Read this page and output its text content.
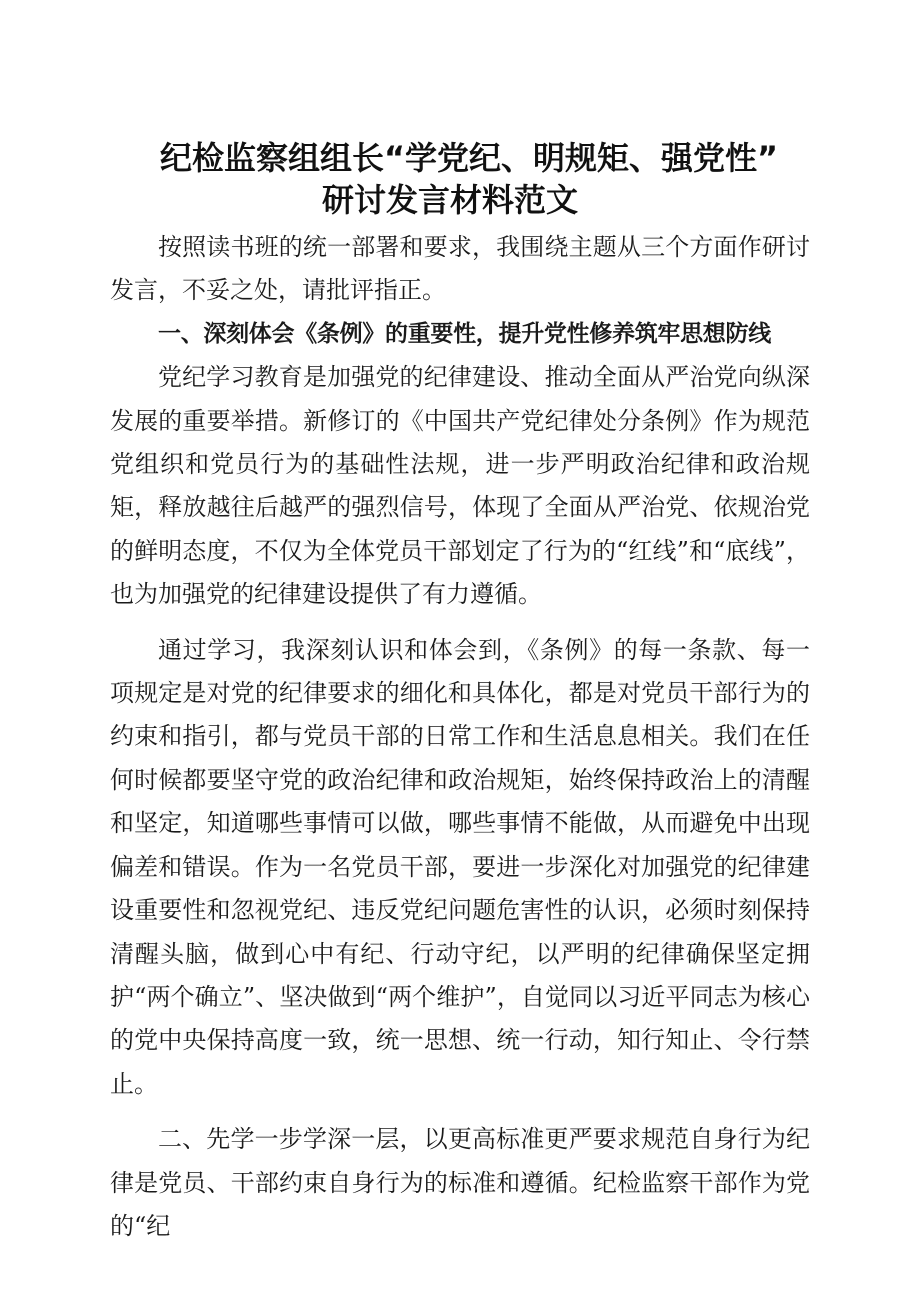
纪检监察组组长“学党纪、明规矩、强党性”
研讨发言材料范文

按照读书班的统一部署和要求，我围绕主题从三个方面作研讨发言，不妥之处，请批评指正。

一、深刻体会《条例》的重要性，提升党性修养筑牢思想防线

党纪学习教育是加强党的纪律建设、推动全面从严治党向纵深发展的重要举措。新修订的《中国共产党纪律处分条例》作为规范党组织和党员行为的基础性法规，进一步严明政治纪律和政治规矩，释放越往后越严的强烈信号，体现了全面从严治党、依规治党的鲜明态度，不仅为全体党员干部划定了行为的“红线”和“底线”，也为加强党的纪律建设提供了有力遵循。

通过学习，我深刻认识和体会到，《条例》的每一条款、每一项规定是对党的纪律要求的细化和具体化，都是对党员干部行为的约束和指引，都与党员干部的日常工作和生活息息相关。我们在任何时候都要坚守党的政治纪律和政治规矩，始终保持政治上的清醒和坚定，知道哪些事情可以做，哪些事情不能做，从而避免中出现偏差和错误。作为一名党员干部，要进一步深化对加强党的纪律建设重要性和忽视党纪、违反党纪问题危害性的认识，必须时刻保持清醒头脑，做到心中有纪、行动守纪，以严明的纪律确保坚定拥护“两个确立”、坚决做到“两个维护”，自觉同以习近平同志为核心的党中央保持高度一致，统一思想、统一行动，知行知止、令行禁止。

二、先学一步学深一层，以更高标准更严要求规范自身行为纪律是党员、干部约束自身行为的标准和遵循。纪检监察干部作为党的“纪
